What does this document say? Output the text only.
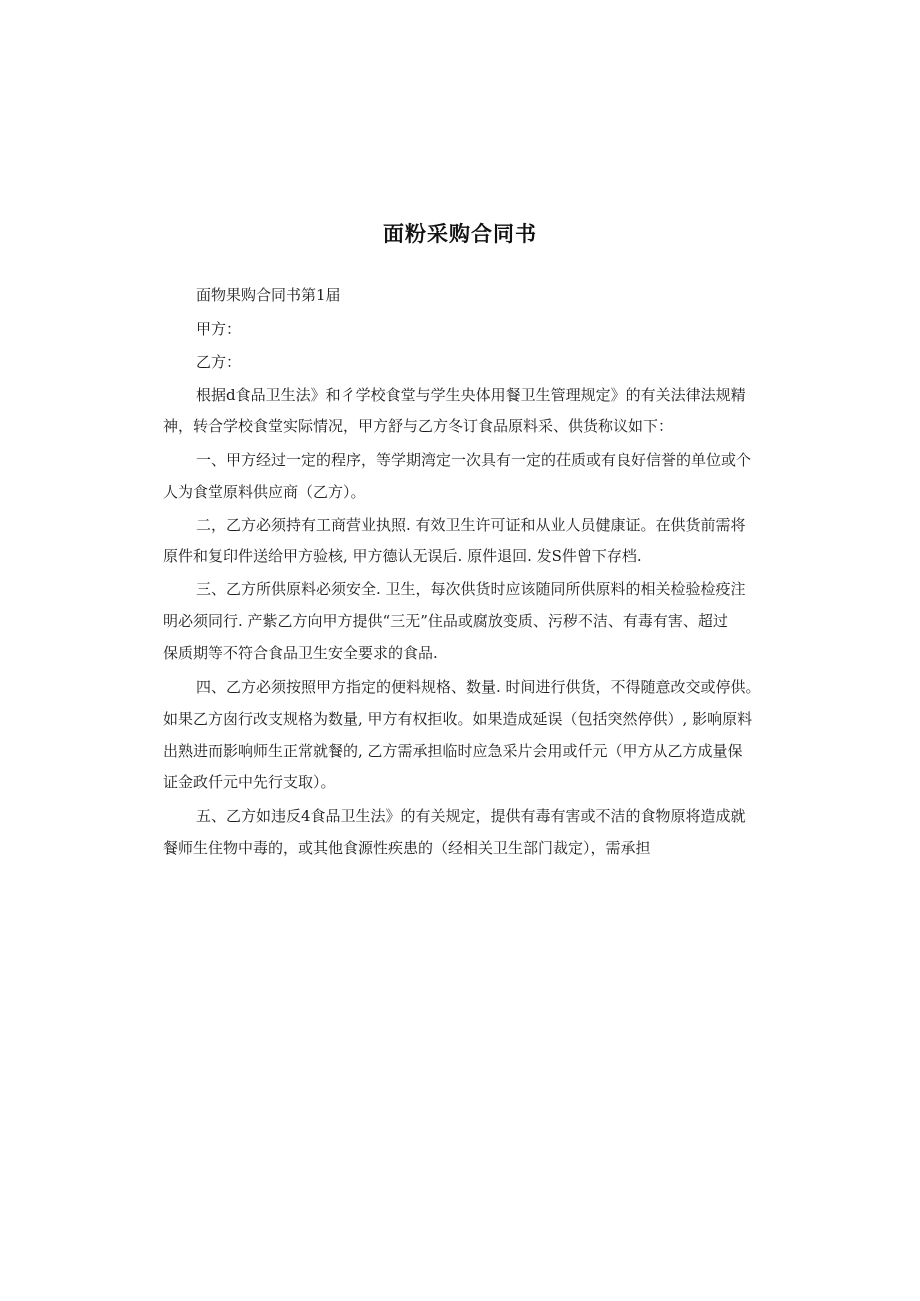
面粉采购合同书
面物果购合同书第1届
甲方：
乙方：
根据d食品卫生法》和彳学校食堂与学生央体用餐卫生管理规定》的有关法律法规精
神，转合学校食堂实际情况，甲方舒与乙方冬订食品原料采、供货称议如下：
一、甲方经过一定的程序，等学期湾定一次具有一定的茌质或有良好信誉的单位或个
人为食堂原料供应商（乙方）。
二，乙方必须持有工商营业执照. 有效卫生许可证和从业人员健康证。在供货前需将
原件和复印件送给甲方验核, 甲方德认无误后. 原件退回. 发S件曾下存档.
三、乙方所供原料必须安全. 卫生，每次供货时应该随同所供原料的相关检验检疫注
明必须同行. 产紫乙方向甲方提供“三无”住品或腐放变质、污秽不洁、有毒有害、超过
保质期等不符合食品卫生安全要求的食品.
四、乙方必须按照甲方指定的便料规格、数量. 时间进行供货，不得随意改交或停供。
如果乙方囱行改支规格为数量, 甲方有权拒收。如果造成延误（包括突然停供）, 影响原料
出熟进而影响师生正常就餐的, 乙方需承担临时应急采片会用或仟元（甲方从乙方成量保
证金政仟元中先行支取）。
五、乙方如违反4食品卫生法》的有关规定，提供有毒有害或不洁的食物原将造成就
餐师生住物中毒的，或其他食源性疾患的（经相关卫生部门裁定），需承担
